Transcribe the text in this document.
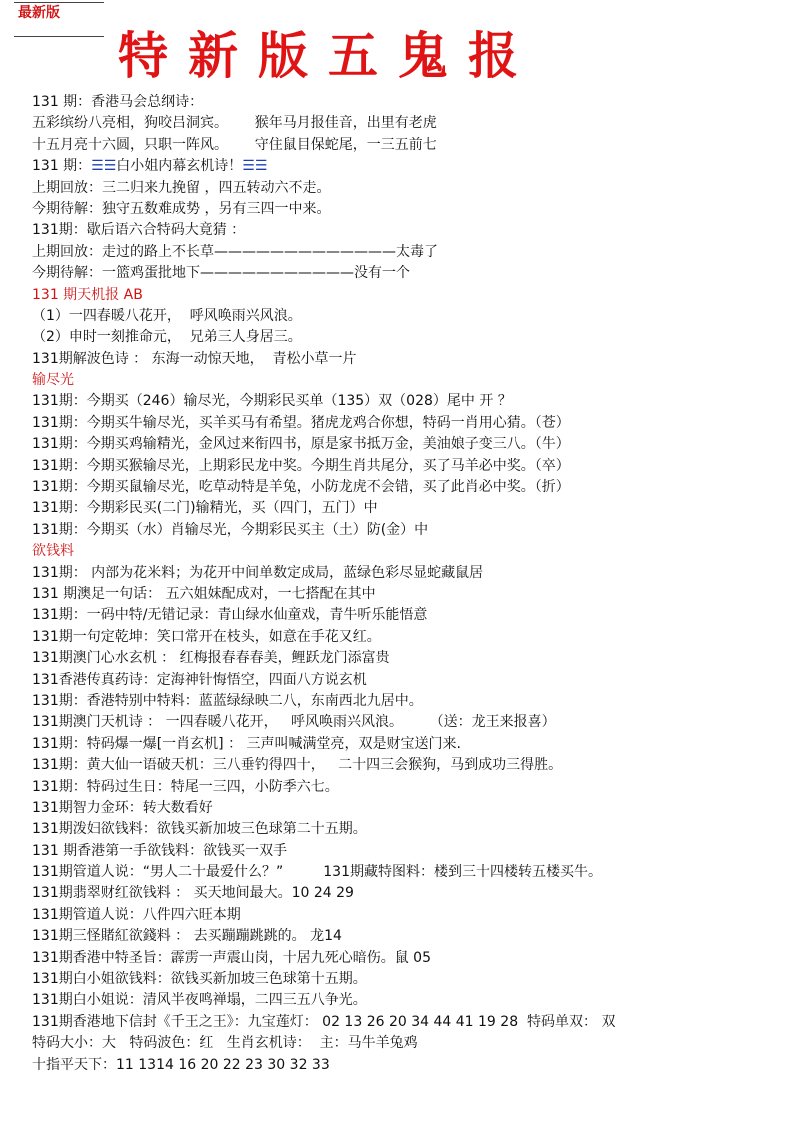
最新版
特新版五鬼报
131 期：香港马会总纲诗：
五彩缤纷八亮相，狗咬吕洞宾。      猴年马月报佳音，出里有老虎
十五月亮十六圆，只职一阵风。      守住鼠目保蛇尾，一三五前七
131 期：☰☰白小姐内幕玄机诗！☰☰
上期回放：三二归来九挽留 ，四五转动六不走。
今期待解：独守五数难成势 ，另有三四一中来。
131期：歇后语六合特码大竟猜 ：
上期回放：走过的路上不长草—————————————太毒了
今期待解：一篮鸡蛋批地下———————————没有一个
131 期天机报 AB
（1）一四春暖八花开，  呼风唤雨兴风浪。
（2）申时一刻推命元，  兄弟三人身居三。
131期解波色诗 ： 东海一动惊天地，  青松小草一片
输尽光
131期：今期买（246）输尽光，今期彩民买单（135）双（028）尾中 开 ？
131期：今期买牛输尽光，买羊买马有希望。猪虎龙鸡合你想，特码一肖用心猜。（苍）
131期：今期买鸡输精光，金风过来衔四书，原是家书抵万金，美油娘子变三八。（牛）
131期：今期买猴输尽光，上期彩民龙中奖。今期生肖共尾分，买了马羊必中奖。（卒）
131期：今期买鼠输尽光，吃草动特是羊兔，小防龙虎不会错，买了此肖必中奖。（折）
131期：今期彩民买(二门)输精光，买（四门，五门）中
131期：今期买（水）肖输尽光，今期彩民买主（土）防(金）中
欲钱料
131期： 内部为花米料；为花开中间单数定成局，蓝绿色彩尽显蛇藏鼠居
131 期澳足一句话： 五六姐妹配成对，一七搭配在其中
131期：一码中特/无错记录：青山绿水仙童戏，青牛听乐能悟意
131期一句定乾坤：笑口常开在枝头，如意在手花又红。
131期澳门心水玄机 ： 红梅报春春春美，鲤跃龙门添富贵
131香港传真药诗：定海神针悔悟空，四面八方说玄机
131期：香港特别中特料：蓝蓝绿绿映二八，东南西北九居中。
131期澳门天机诗 ： 一四春暖八花开，   呼风唤雨兴风浪。      （送：龙王来报喜）
131期：特码爆一爆[一肖玄机] ： 三声叫喊满堂亮，双是财宝送门来.
131期：黄大仙一语破天机：三八垂钓得四十，   二十四三会猴狗，马到成功三得胜。
131期：特码过生日：特尾一三四，小防季六七。
131期智力金环：转大数看好
131期泼妇欲钱料：欲钱买新加坡三色球第二十五期。
131 期香港第一手欲钱料：欲钱买一双手
131期管道人说：“男人二十最爱什么？”         131期藏特图料：楼到三十四楼转五楼买牛。
131期翡翠财红欲钱料 ： 买天地间最大。10 24 29
131期管道人说：八件四六旺本期
131期三怪賭紅欲錢料 ： 去买蹦蹦跳跳的。 龙14
131期香港中特圣旨：霹雳一声震山岗，十居九死心暗伤。鼠 05
131期白小姐欲钱料：欲钱买新加坡三色球第十五期。
131期白小姐说：清风半夜鸣禅塌，二四三五八争光。
131期香港地下信封《千王之王》：九宝莲灯： 02 13 26 20 34 44 41 19 28  特码单双： 双
特码大小：大   特码波色：红   生肖玄机诗：  主：马牛羊兔鸡
十指平天下：11 1314 16 20 22 23 30 32 33
